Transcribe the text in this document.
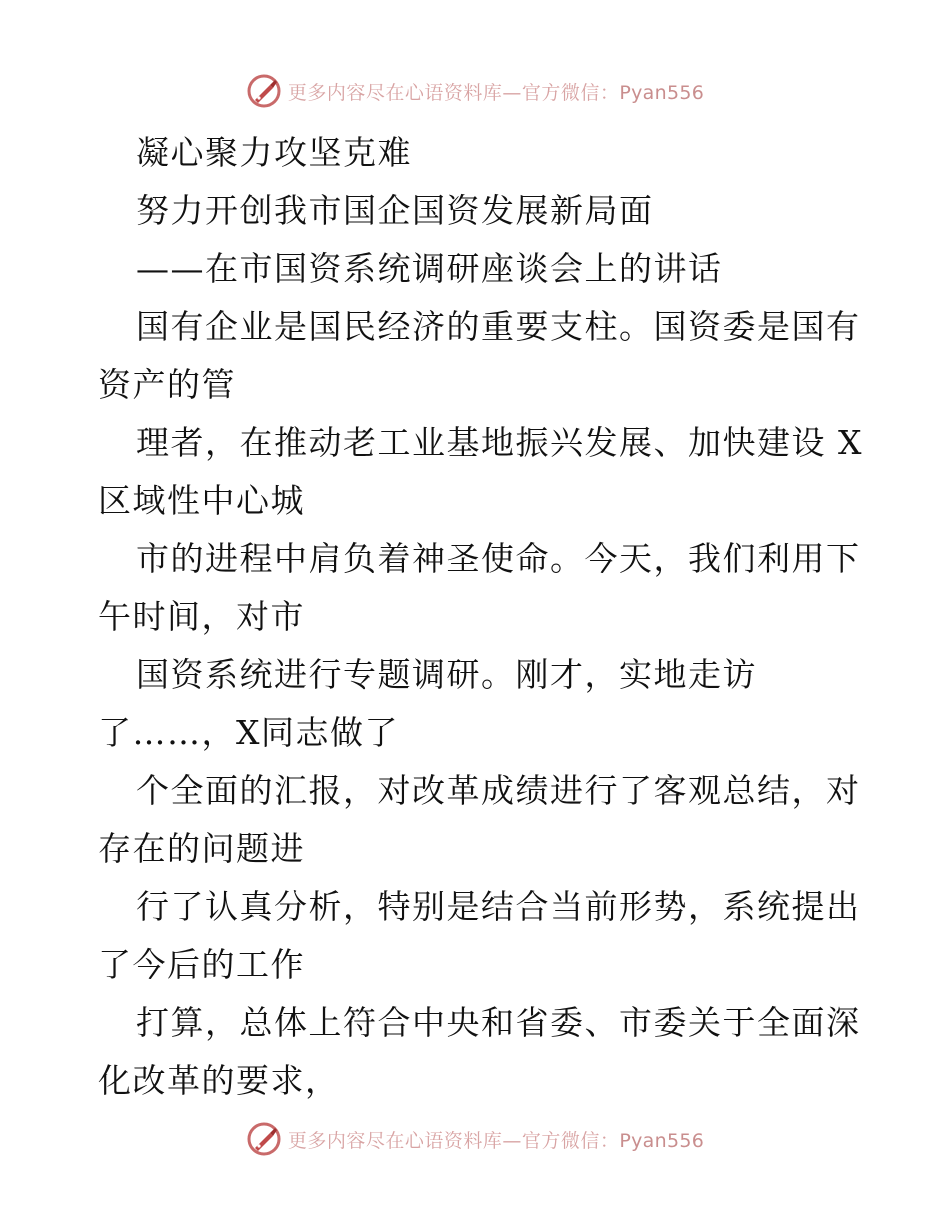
更多内容尽在心语资料库—官方微信：Pyan556
凝心聚力攻坚克难
努力开创我市国企国资发展新局面
——在市国资系统调研座谈会上的讲话
国有企业是国民经济的重要支柱。国资委是国有
资产的管
理者，在推动老工业基地振兴发展、加快建设 X
区域性中心城
市的进程中肩负着神圣使命。今天，我们利用下
午时间，对市
国资系统进行专题调研。刚才，实地走访
了……，X同志做了
个全面的汇报，对改革成绩进行了客观总结，对
存在的问题进
行了认真分析，特别是结合当前形势，系统提出
了今后的工作
打算，总体上符合中央和省委、市委关于全面深
化改革的要求，
更多内容尽在心语资料库—官方微信：Pyan556
